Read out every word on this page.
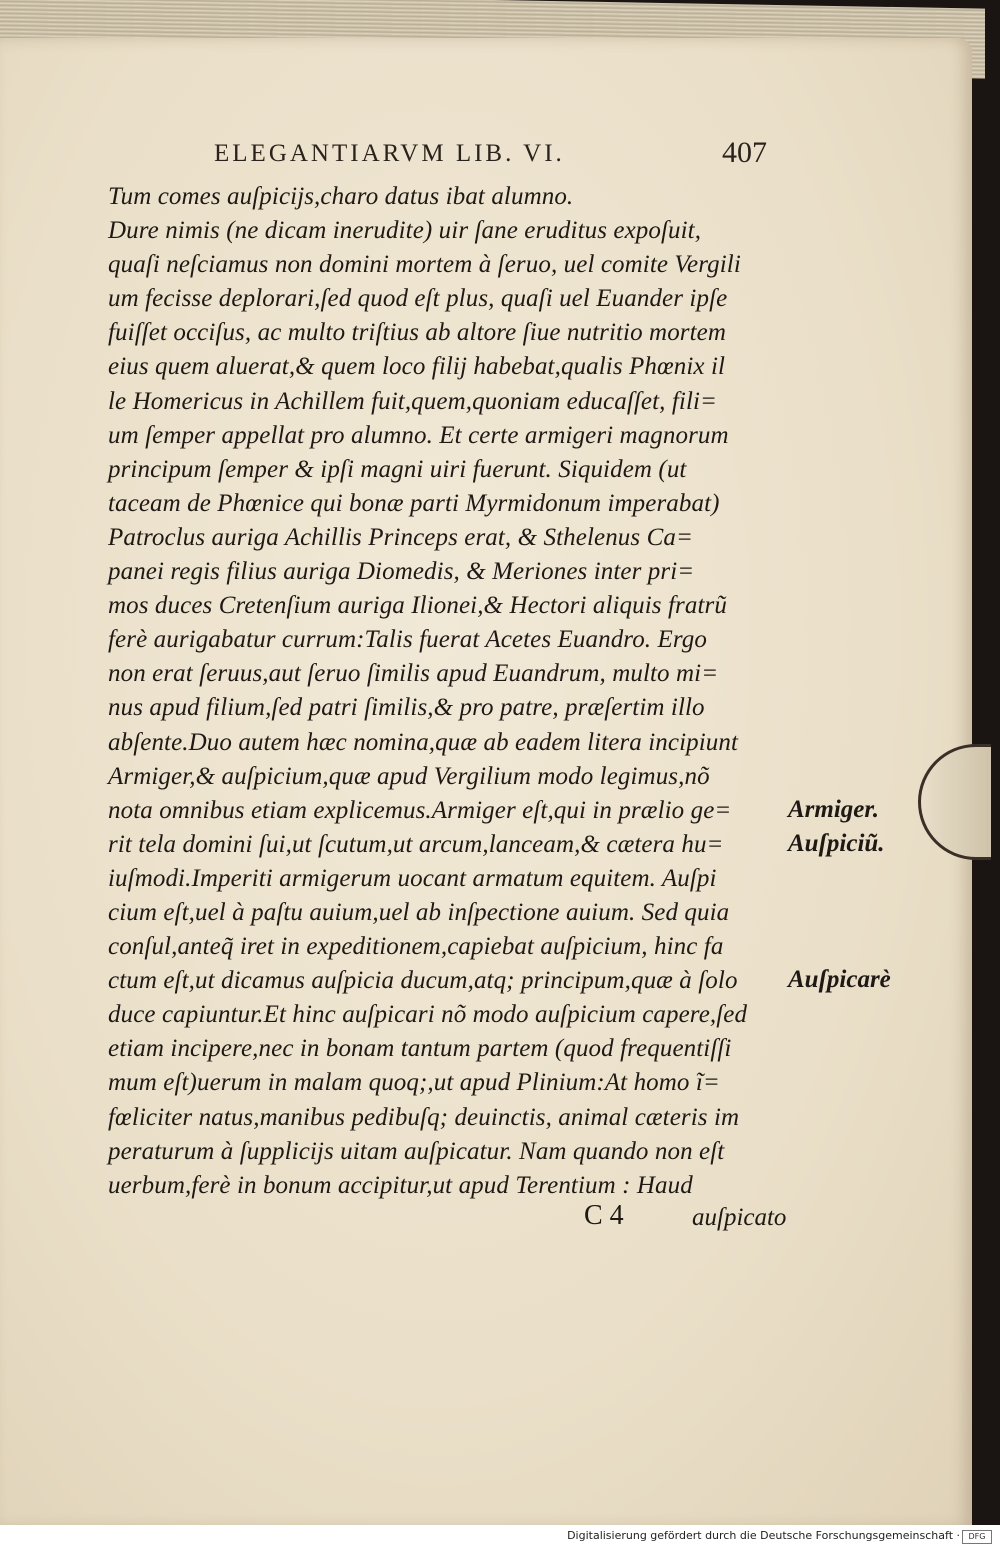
ELEGANTIARVM LIB. VI.	407
Tum comes auſpicijs,charo datus ibat alumno.
Dure nimis (ne dicam inerudite) uir ſane eruditus expoſuit,
quaſi neſciamus non domini mortem à ſeruo, uel comite Vergili
um fecisse deplorari,ſed quod eſt plus, quaſi uel Euander ipſe
fuiſſet occiſus, ac multo triſtius ab altore ſiue nutritio mortem
eius quem aluerat,& quem loco filij habebat,qualis Phœnix il
le Homericus in Achillem fuit,quem,quoniam educaſſet, fili=
um ſemper appellat pro alumno. Et certe armigeri magnorum
principum ſemper & ipſi magni uiri fuerunt. Siquidem (ut
taceam de Phœnice qui bonæ parti Myrmidonum imperabat)
Patroclus auriga Achillis Princeps erat, & Sthelenus Ca=
panei regis filius auriga Diomedis, & Meriones inter pri=
mos duces Cretenſium auriga Ilionei,& Hectori aliquis fratrũ
ferè aurigabatur currum:Talis fuerat Acetes Euandro. Ergo
non erat ſeruus,aut ſeruo ſimilis apud Euandrum, multo mi=
nus apud filium,ſed patri ſimilis,& pro patre, præſertim illo
abſente.Duo autem hæc nomina,quæ ab eadem litera incipiunt
Armiger,& auſpicium,quæ apud Vergilium modo legimus,nõ
nota omnibus etiam explicemus.Armiger eſt,qui in prælio ge=
rit tela domini ſui,ut ſcutum,ut arcum,lanceam,& cætera hu=
iuſmodi.Imperiti armigerum uocant armatum equitem. Auſpi
cium eſt,uel à paſtu auium,uel ab inſpectione auium. Sed quia
conſul,anteq̃ iret in expeditionem,capiebat auſpicium, hinc fa
ctum eſt,ut dicamus auſpicia ducum,atq; principum,quæ à ſolo
duce capiuntur.Et hinc auſpicari nõ modo auſpicium capere,ſed
etiam incipere,nec in bonam tantum partem (quod frequentiſſi
mum eſt)uerum in malam quoq;,ut apud Plinium:At homo ĩ=
fœliciter natus,manibus pedibuſq; deuinctis, animal cæteris im
peraturum à ſupplicijs uitam auſpicatur. Nam quando non eſt
uerbum,ferè in bonum accipitur,ut apud Terentium : Haud
Armiger.
Auſpiciũ.
Auſpicarè
C 4	auſpicato
Digitalisierung gefördert durch die Deutsche Forschungsgemeinschaft ·	DFG
